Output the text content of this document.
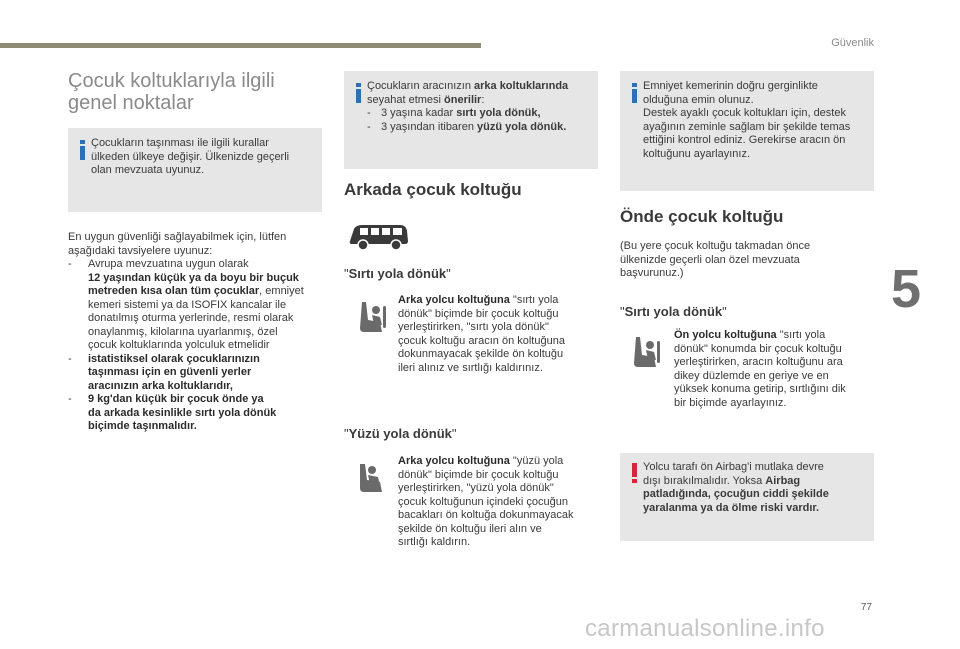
Güvenlik
5
77
carmanualsonline.info
Çocuk koltuklarıyla ilgili
genel noktalar
Çocukların taşınması ile ilgili kurallar
ülkeden ülkeye değişir. Ülkenizde geçerli
olan mevzuata uyunuz.
En uygun güvenliği sağlayabilmek için, lütfen
aşağıdaki tavsiyelere uyunuz:
- Avrupa mevzuatına uygun olarak
12 yaşından küçük ya da boyu bir buçuk
metreden kısa olan tüm çocuklar, emniyet
kemeri sistemi ya da ISOFIX kancalar ile
donatılmış oturma yerlerinde, resmi olarak
onaylanmış, kilolarına uyarlanmış, özel
çocuk koltuklarında yolculuk etmelidir
- istatistiksel olarak çocuklarınızın
taşınması için en güvenli yerler
aracınızın arka koltuklarıdır,
- 9 kg'dan küçük bir çocuk önde ya
da arkada kesinlikle sırtı yola dönük
biçimde taşınmalıdır.
Çocukların aracınızın arka koltuklarında
seyahat etmesi önerilir:
- 3 yaşına kadar sırtı yola dönük,
- 3 yaşından itibaren yüzü yola dönük.
Arkada çocuk koltuğu
"Sırtı yola dönük"
Arka yolcu koltuğuna "sırtı yola
dönük" biçimde bir çocuk koltuğu
yerleştirirken, "sırtı yola dönük"
çocuk koltuğu aracın ön koltuğuna
dokunmayacak şekilde ön koltuğu
ileri alınız ve sırtlığı kaldırınız.
"Yüzü yola dönük"
Arka yolcu koltuğuna "yüzü yola
dönük" biçimde bir çocuk koltuğu
yerleştirirken, "yüzü yola dönük"
çocuk koltuğunun içindeki çocuğun
bacakları ön koltuğa dokunmayacak
şekilde ön koltuğu ileri alın ve
sırtlığı kaldırın.
Emniyet kemerinin doğru gerginlikte
olduğuna emin olunuz.
Destek ayaklı çocuk koltukları için, destek
ayağının zeminle sağlam bir şekilde temas
ettiğini kontrol ediniz. Gerekirse aracın ön
koltuğunu ayarlayınız.
Önde çocuk koltuğu
(Bu yere çocuk koltuğu takmadan önce
ülkenizde geçerli olan özel mevzuata
başvurunuz.)
"Sırtı yola dönük"
Ön yolcu koltuğuna "sırtı yola
dönük" konumda bir çocuk koltuğu
yerleştirirken, aracın koltuğunu ara
dikey düzlemde en geriye ve en
yüksek konuma getirip, sırtlığını dik
bir biçimde ayarlayınız.
Yolcu tarafı ön Airbag'i mutlaka devre
dışı bırakılmalıdır. Yoksa Airbag
patladığında, çocuğun ciddi şekilde
yaralanma ya da ölme riski vardır.
